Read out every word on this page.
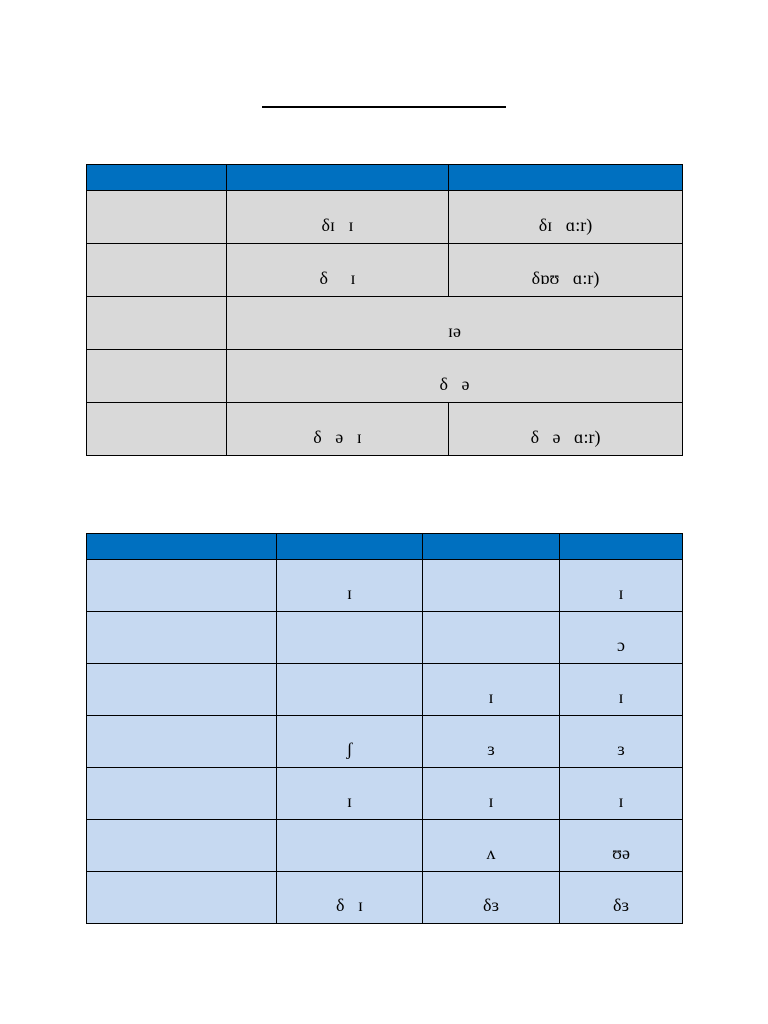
	δɪ   ɪ	δɪ   ɑ:r)

	δ     ɪ	δɒʊ   ɑ:r)

	ɪə	

	δ   ə	

	δ   ə   ɪ	δ   ə   ɑ:r)

	ɪ		ɪ

			ɔ

		ɪ	ɪ

	ʃ	ɜ	ɜ

	ɪ	ɪ	ɪ

		ʌ	ʊə

	δ   ɪ	δɜ	δɜ
